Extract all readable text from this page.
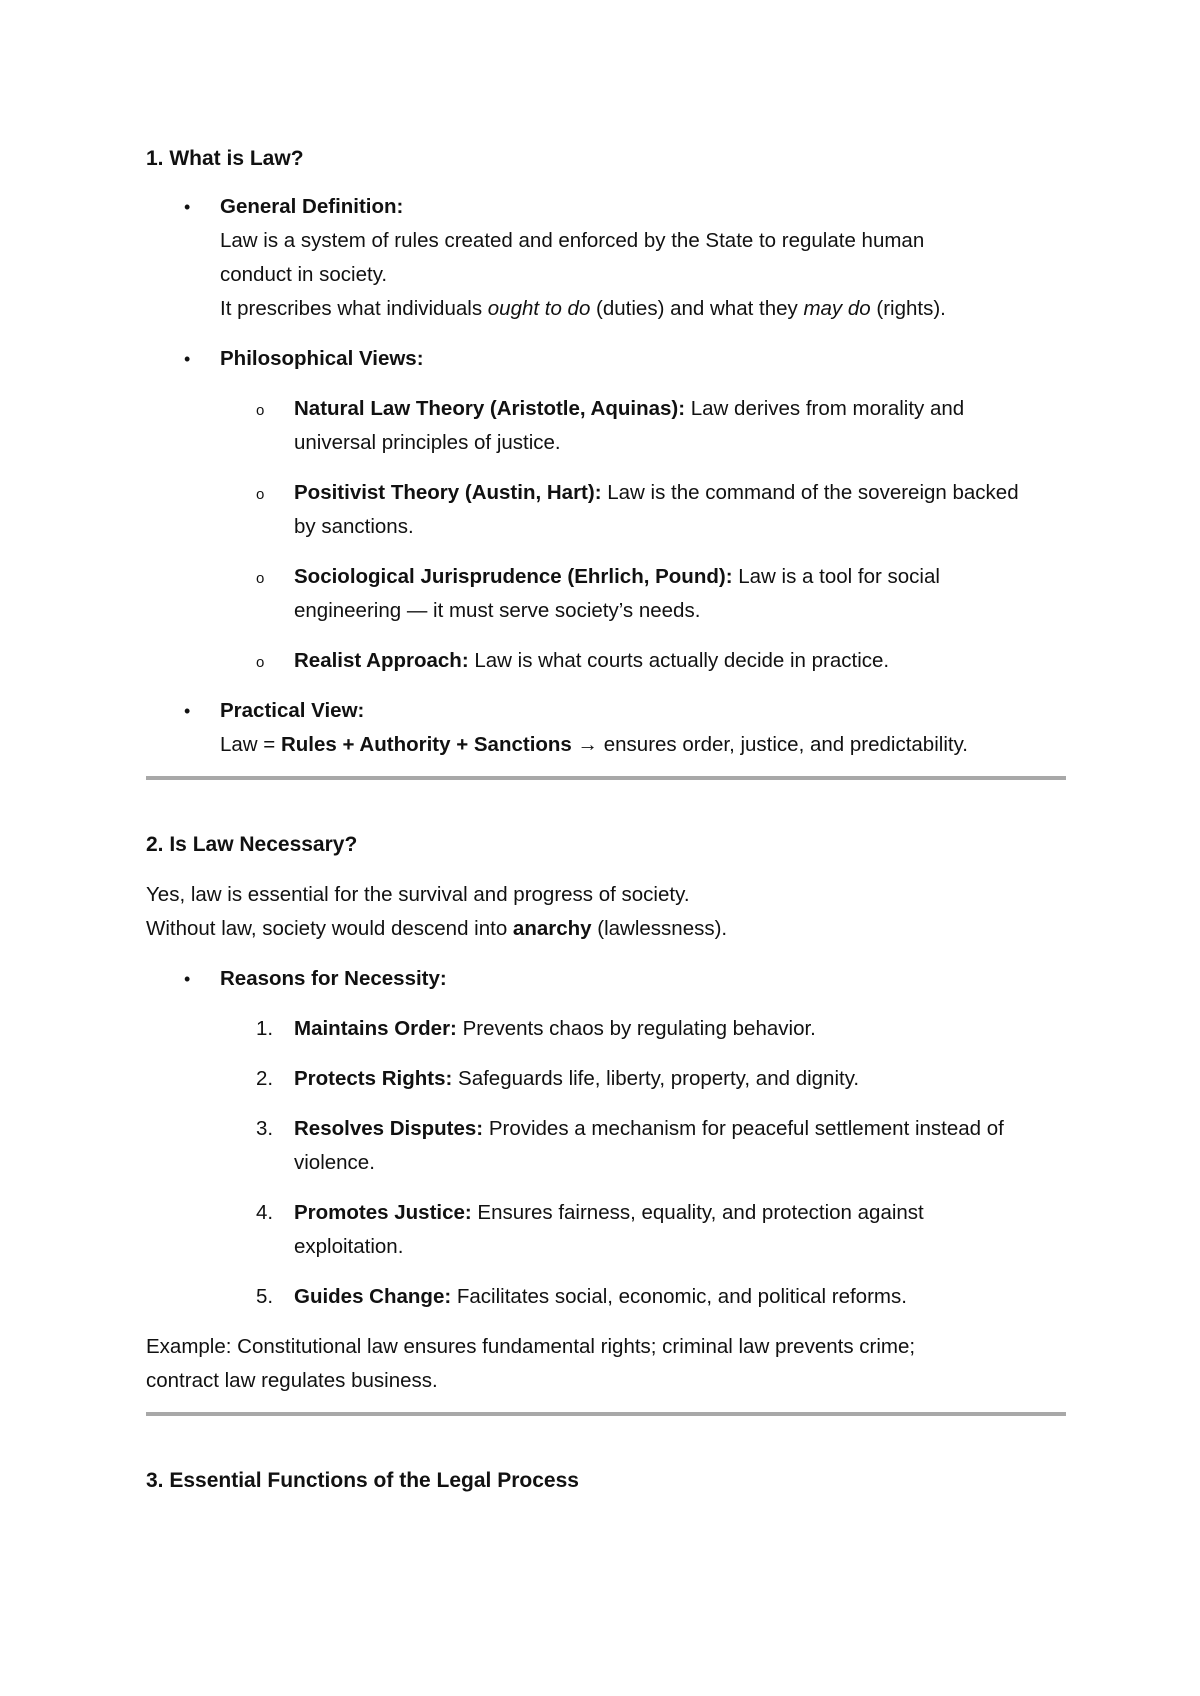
1. What is Law?
• General Definition:

Law is a system of rules created and enforced by the State to regulate human

conduct in society.

It prescribes what individuals ought to do (duties) and what they may do (rights).

• Philosophical Views:

o Natural Law Theory (Aristotle, Aquinas): Law derives from morality and

universal principles of justice.

o Positivist Theory (Austin, Hart): Law is the command of the sovereign backed

by sanctions.

o Sociological Jurisprudence (Ehrlich, Pound): Law is a tool for social

engineering — it must serve society’s needs.

o Realist Approach: Law is what courts actually decide in practice.

• Practical View:

Law = Rules + Authority + Sanctions → ensures order, justice, and predictability.

2. Is Law Necessary?

Yes, law is essential for the survival and progress of society.

Without law, society would descend into anarchy (lawlessness).

• Reasons for Necessity:

1. Maintains Order: Prevents chaos by regulating behavior.

2. Protects Rights: Safeguards life, liberty, property, and dignity.

3. Resolves Disputes: Provides a mechanism for peaceful settlement instead of

violence.

4. Promotes Justice: Ensures fairness, equality, and protection against

exploitation.

5. Guides Change: Facilitates social, economic, and political reforms.

Example: Constitutional law ensures fundamental rights; criminal law prevents crime;

contract law regulates business.

3. Essential Functions of the Legal Process
